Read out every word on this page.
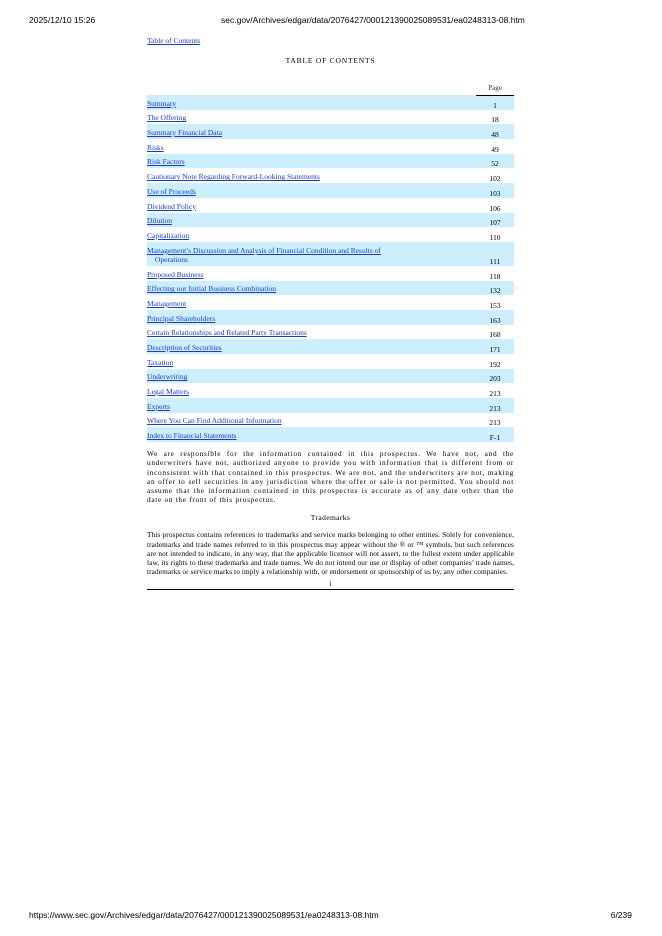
2025/12/10 15:26	sec.gov/Archives/edgar/data/2076427/000121390025089531/ea0248313-08.htm
Table of Contents
TABLE OF CONTENTS
	Page
Summary	1
The Offering	18
Summary Financial Data	48
Risks	49
Risk Factors	52
Cautionary Note Regarding Forward-Looking Statements	102
Use of Proceeds	103
Dividend Policy	106
Dilution	107
Capitalization	110
Management’s Discussion and Analysis of Financial Condition and Results of
Operations	111
Proposed Business	118
Effecting our Initial Business Combination	132
Management	153
Principal Shareholders	163
Certain Relationships and Related Party Transactions	168
Description of Securities	171
Taxation	192
Underwriting	203
Legal Matters	213
Experts	213
Where You Can Find Additional Information	213
Index to Financial Statements	F-1

We are responsible for the information contained in this prospectus. We have not, and the underwriters have not, authorized anyone to provide you with information that is different from or inconsistent with that contained in this prospectus. We are not, and the underwriters are not, making an offer to sell securities in any jurisdiction where the offer or sale is not permitted. You should not assume that the information contained in this prospectus is accurate as of any date other than the date on the front of this prospectus.

Trademarks

This prospectus contains references to trademarks and service marks belonging to other entities. Solely for convenience, trademarks and trade names referred to in this prospectus may appear without the ® or ™ symbols, but such references are not intended to indicate, in any way, that the applicable licensor will not assert, to the fullest extent under applicable law, its rights to these trademarks and trade names. We do not intend our use or display of other companies’ trade names, trademarks or service marks to imply a relationship with, or endorsement or sponsorship of us by, any other companies.

i
https://www.sec.gov/Archives/edgar/data/2076427/000121390025089531/ea0248313-08.htm	6/239
